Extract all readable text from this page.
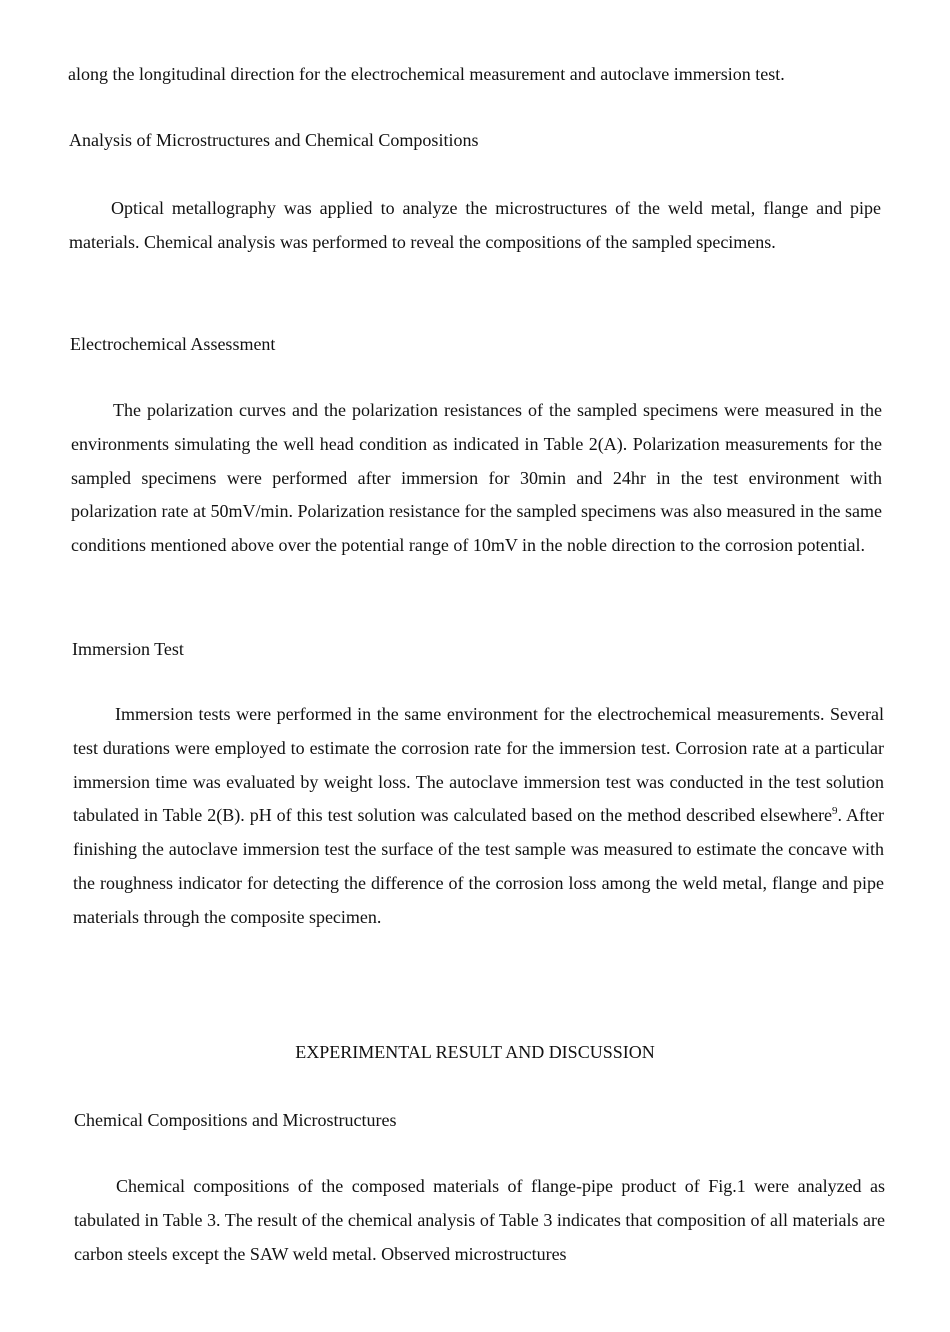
along the longitudinal direction for the electrochemical measurement and autoclave immersion test.

Analysis of Microstructures and Chemical Compositions

Optical metallography was applied to analyze the microstructures of the weld metal, flange and pipe materials. Chemical analysis was performed to reveal the compositions of the sampled specimens.

Electrochemical Assessment

The polarization curves and the polarization resistances of the sampled specimens were measured in the environments simulating the well head condition as indicated in Table 2(A). Polarization measurements for the sampled specimens were performed after immersion for 30min and 24hr in the test environment with polarization rate at 50mV/min. Polarization resistance for the sampled specimens was also measured in the same conditions mentioned above over the potential range of 10mV in the noble direction to the corrosion potential.

Immersion Test

Immersion tests were performed in the same environment for the electrochemical measurements. Several test durations were employed to estimate the corrosion rate for the immersion test. Corrosion rate at a particular immersion time was evaluated by weight loss. The autoclave immersion test was conducted in the test solution tabulated in Table 2(B). pH of this test solution was calculated based on the method described elsewhere$^9$. After finishing the autoclave immersion test the surface of the test sample was measured to estimate the concave with the roughness indicator for detecting the difference of the corrosion loss among the weld metal, flange and pipe materials through the composite specimen.

EXPERIMENTAL RESULT AND DISCUSSION
Chemical Compositions and Microstructures

Chemical compositions of the composed materials of flange-pipe product of Fig.1 were analyzed as tabulated in Table 3. The result of the chemical analysis of Table 3 indicates that composition of all materials are carbon steels except the SAW weld metal. Observed microstructures
